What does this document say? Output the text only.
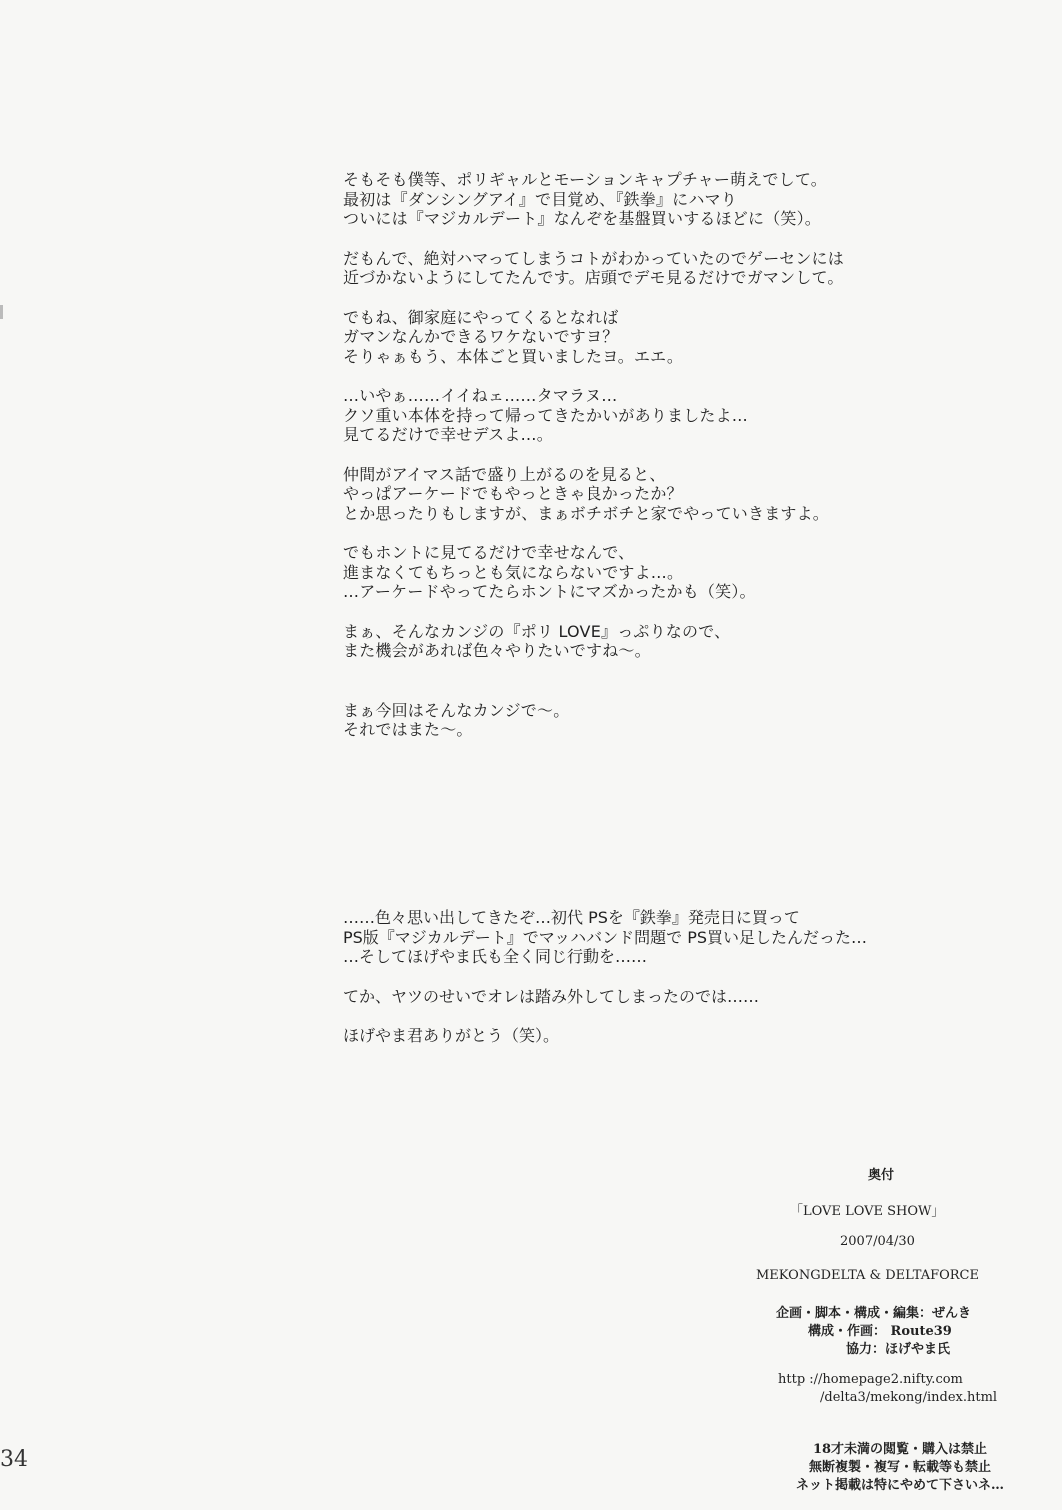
そもそも僕等、ポリギャルとモーションキャプチャー萌えでして。
最初は『ダンシングアイ』で目覚め、『鉄拳』にハマり
ついには『マジカルデート』なんぞを基盤買いするほどに（笑）。
だもんで、絶対ハマってしまうコトがわかっていたのでゲーセンには
近づかないようにしてたんです。店頭でデモ見るだけでガマンして。
でもね、御家庭にやってくるとなれば
ガマンなんかできるワケないですヨ？
そりゃぁもう、本体ごと買いましたヨ。エエ。
…いやぁ……イイねェ……タマラヌ…
クソ重い本体を持って帰ってきたかいがありましたよ…
見てるだけで幸せデスよ…。
仲間がアイマス話で盛り上がるのを見ると、
やっぱアーケードでもやっときゃ良かったか？
とか思ったりもしますが、まぁボチボチと家でやっていきますよ。
でもホントに見てるだけで幸せなんで、
進まなくてもちっとも気にならないですよ…。
…アーケードやってたらホントにマズかったかも（笑）。
まぁ、そんなカンジの『ポリ LOVE』っぷりなので、
また機会があれば色々やりたいですね〜。
まぁ今回はそんなカンジで〜。
それではまた〜。
……色々思い出してきたぞ…初代 PSを『鉄拳』発売日に買って
PS版『マジカルデート』でマッハバンド問題で PS買い足したんだった…
…そしてほげやま氏も全く同じ行動を……
てか、ヤツのせいでオレは踏み外してしまったのでは……
ほげやま君ありがとう（笑）。
奥付
「LOVE LOVE SHOW」
2007/04/30
MEKONGDELTA & DELTAFORCE
企画・脚本・構成・編集：ぜんき
構成・作画： Route39
協力：ほげやま氏
http ://homepage2.nifty.com
/delta3/mekong/index.html
18才未満の閲覧・購入は禁止
無断複製・複写・転載等も禁止
ネット掲載は特にやめて下さいネ…
34
